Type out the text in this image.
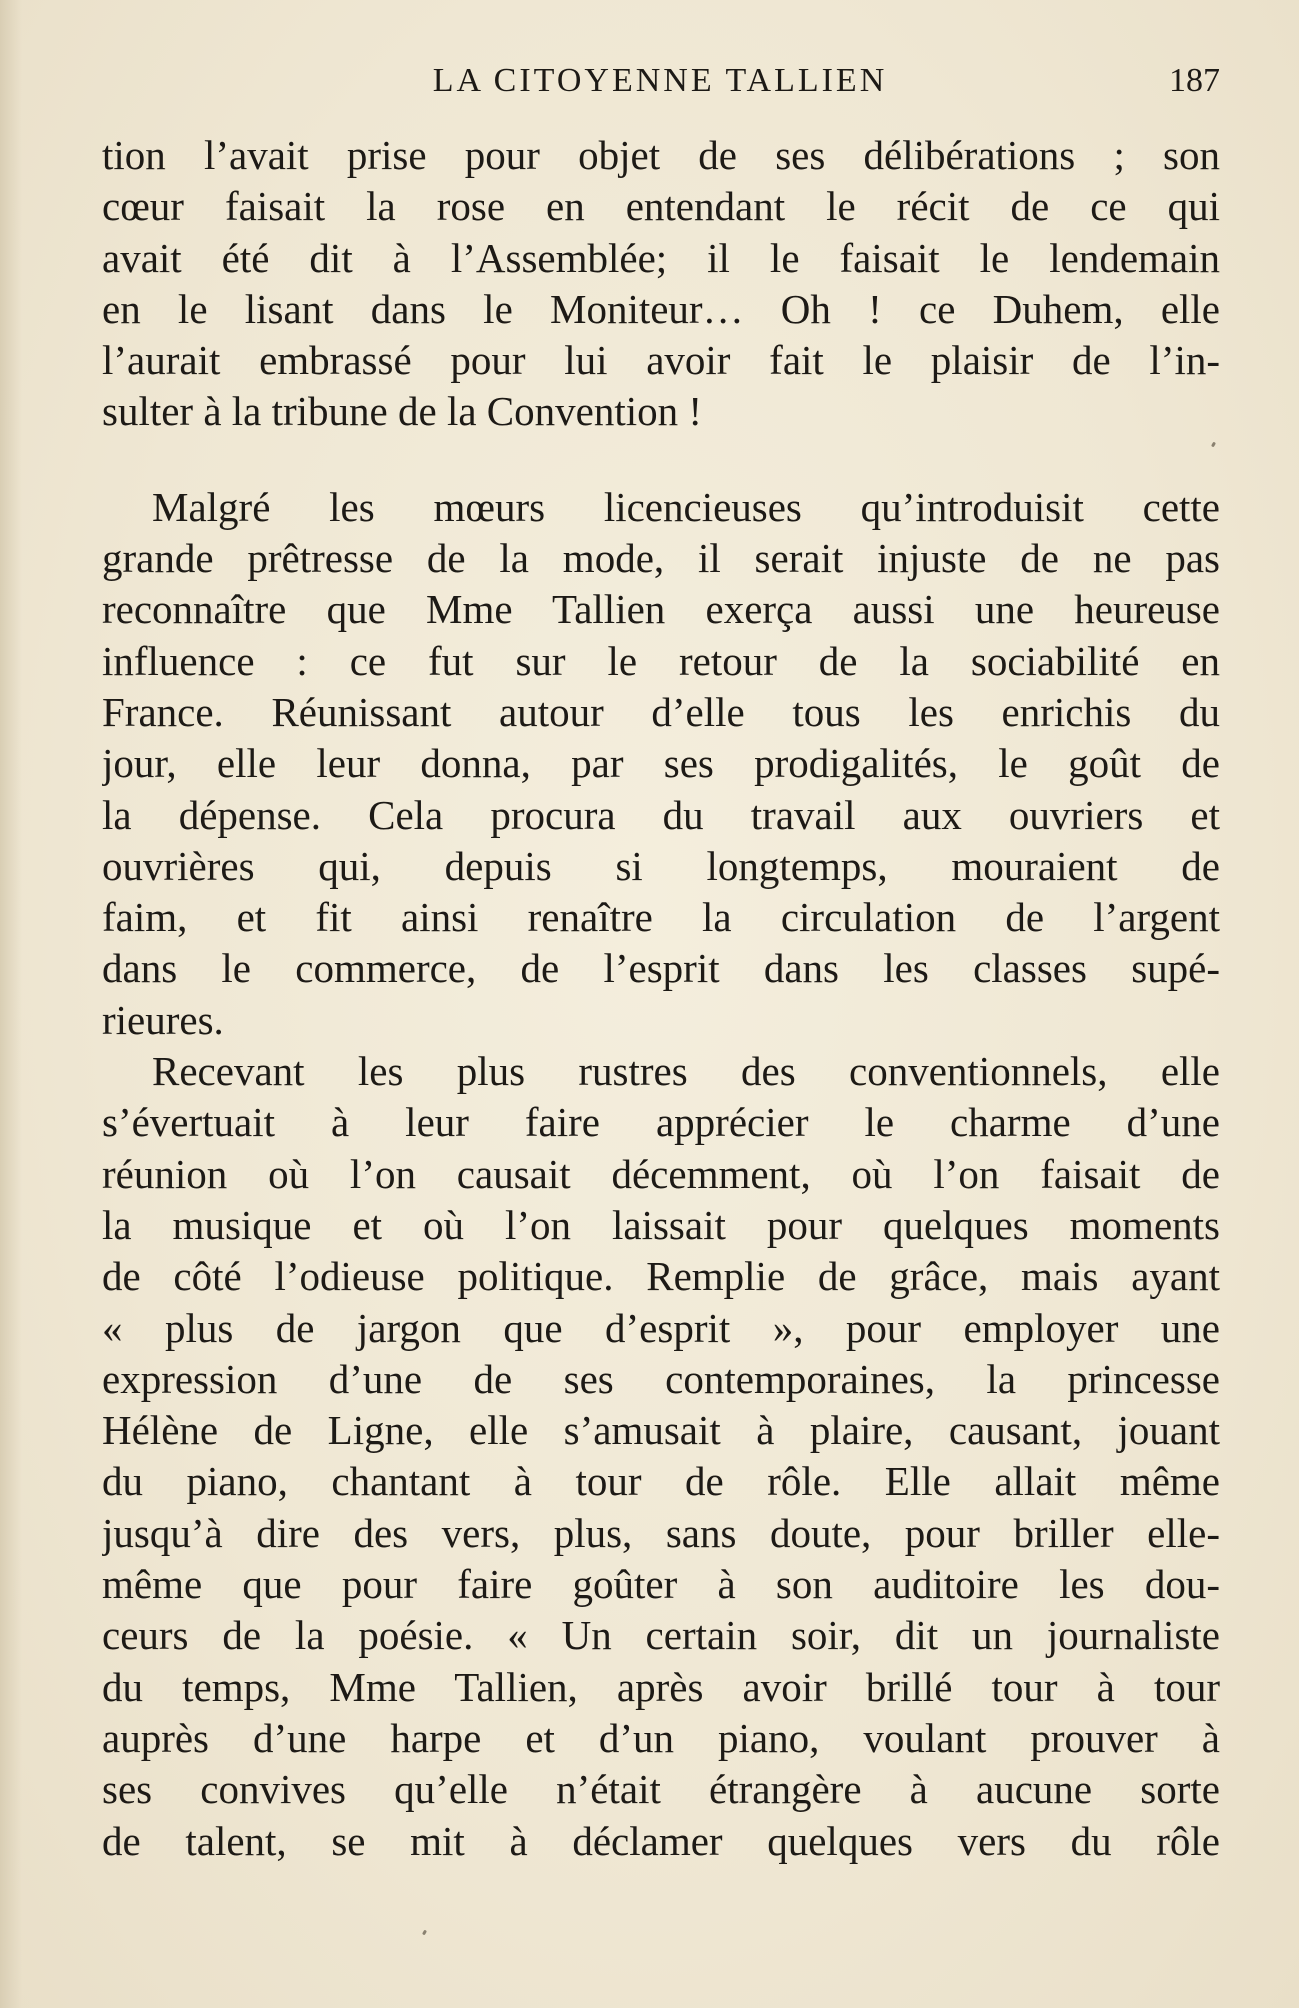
LA CITOYENNE TALLIEN	187
tion l’avait prise pour objet de ses délibérations ; son
cœur faisait la rose en entendant le récit de ce qui
avait été dit à l’Assemblée; il le faisait le lendemain
en le lisant dans le Moniteur… Oh ! ce Duhem, elle
l’aurait embrassé pour lui avoir fait le plaisir de l’in-
sulter à la tribune de la Convention !
Malgré les mœurs licencieuses qu’introduisit cette
grande prêtresse de la mode, il serait injuste de ne pas
reconnaître que Mme Tallien exerça aussi une heureuse
influence : ce fut sur le retour de la sociabilité en
France. Réunissant autour d’elle tous les enrichis du
jour, elle leur donna, par ses prodigalités, le goût de
la dépense. Cela procura du travail aux ouvriers et
ouvrières qui, depuis si longtemps, mouraient de
faim, et fit ainsi renaître la circulation de l’argent
dans le commerce, de l’esprit dans les classes supé-
rieures.
Recevant les plus rustres des conventionnels, elle
s’évertuait à leur faire apprécier le charme d’une
réunion où l’on causait décemment, où l’on faisait de
la musique et où l’on laissait pour quelques moments
de côté l’odieuse politique. Remplie de grâce, mais ayant
« plus de jargon que d’esprit », pour employer une
expression d’une de ses contemporaines, la princesse
Hélène de Ligne, elle s’amusait à plaire, causant, jouant
du piano, chantant à tour de rôle. Elle allait même
jusqu’à dire des vers, plus, sans doute, pour briller elle-
même que pour faire goûter à son auditoire les dou-
ceurs de la poésie. « Un certain soir, dit un journaliste
du temps, Mme Tallien, après avoir brillé tour à tour
auprès d’une harpe et d’un piano, voulant prouver à
ses convives qu’elle n’était étrangère à aucune sorte
de talent, se mit à déclamer quelques vers du rôle
